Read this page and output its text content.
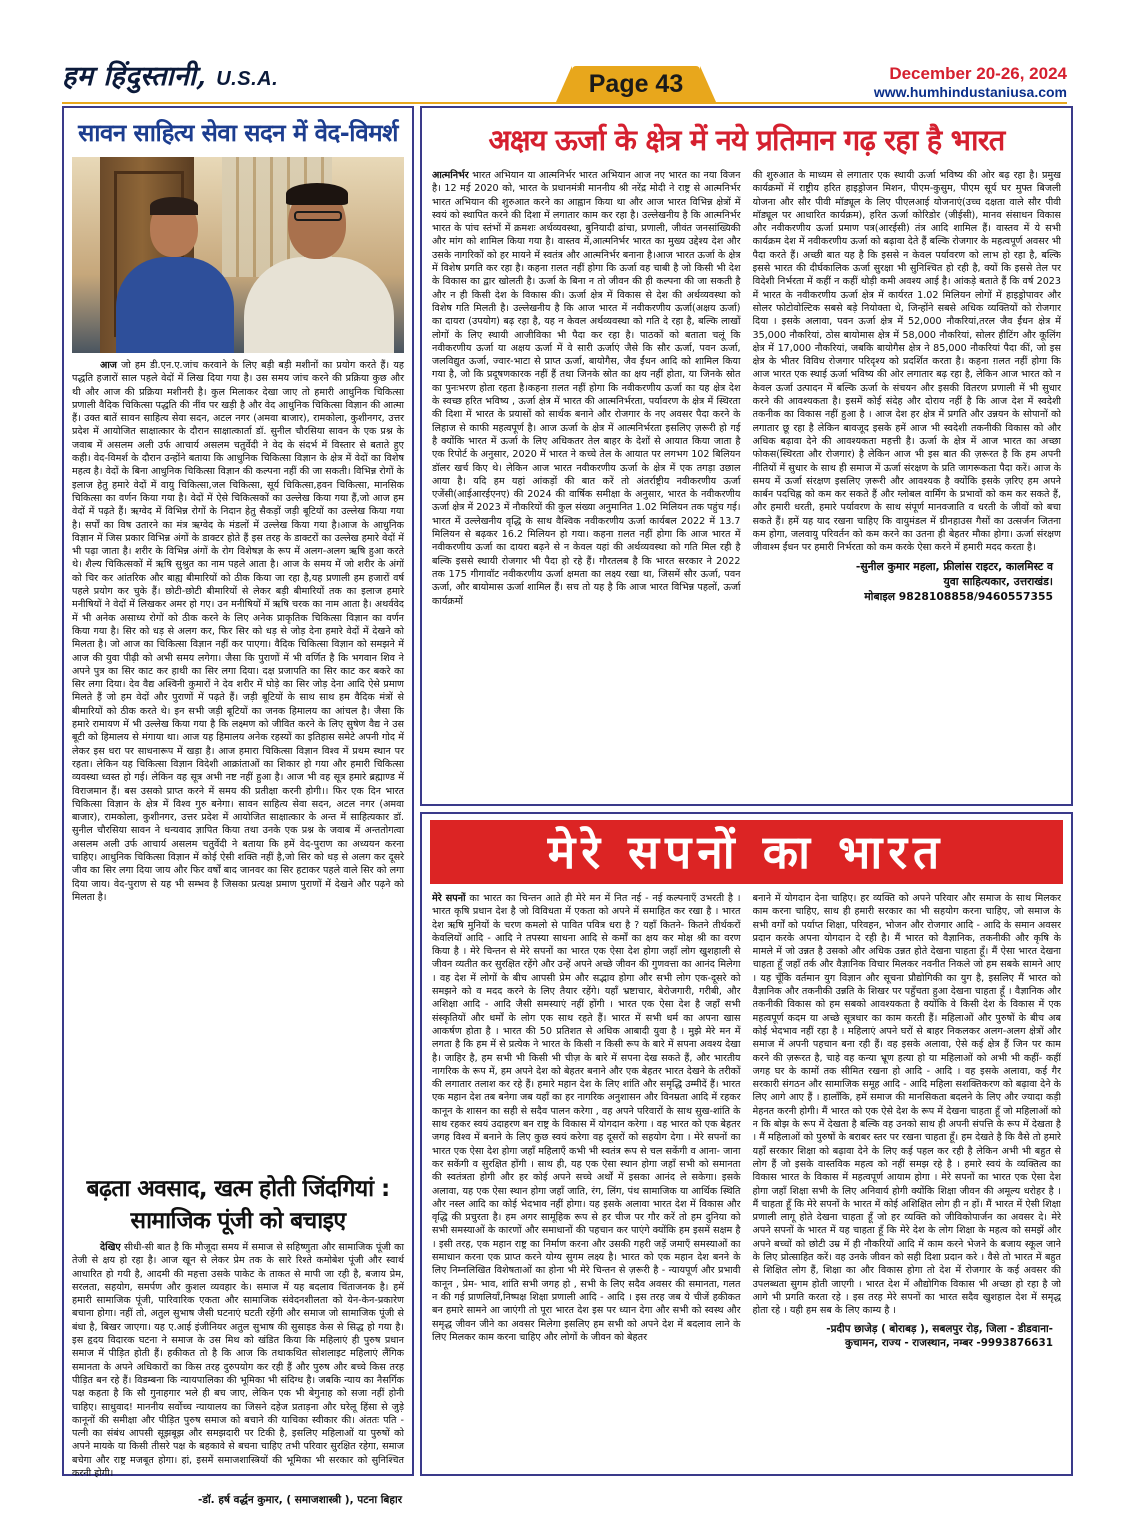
हम हिंदुस्तानी, U.S.A.	Page 43	December 20-26, 2024
www.humhindustaniusa.com
सावन साहित्य सेवा सदन में वेद-विमर्श

आज जो हम डी.एन.ए.जांच करवाने के लिए बड़ी बड़ी मशीनों का प्रयोग करते हैं। यह पद्धति हजारों साल पहले वेदों में लिख दिया गया है। उस समय जांच करने की प्रक्रिया कुछ और थी और आज की प्रक्रिया मशीनरी है। कुल मिलाकर देखा जाए तो हमारी आधुनिक चिकित्सा प्रणाली वैदिक चिकित्सा पद्धति की नींव पर खड़ी है और वेद आधुनिक चिकित्सा विज्ञान की आत्मा हैं। उक्त बातें सावन साहित्य सेवा सदन, अटल नगर (अमवा बाजार), रामकोला, कुशीनगर, उत्तर प्रदेश में आयोजित साक्षात्कार के दौरान साक्षात्कार्ता डॉ. सुनील चौरसिया सावन के एक प्रश्न के जवाब में असलम अली उर्फ आचार्य असलम चतुर्वेदी ने वेद के संदर्भ में विस्तार से बताते हुए कही। वेद-विमर्श के दौरान उन्होंने बताया कि आधुनिक चिकित्सा विज्ञान के क्षेत्र में वेदों का विशेष महत्व है। वेदों के बिना आधुनिक चिकित्सा विज्ञान की कल्पना नहीं की जा सकती। विभिन्न रोगों के इलाज हेतु हमारे वेदों में वायु चिकित्सा,जल चिकित्सा, सूर्य चिकित्सा,हवन चिकित्सा, मानसिक चिकित्सा का वर्णन किया गया है। वेदों में ऐसे चिकित्सकों का उल्लेख किया गया हैं,जो आज हम वेदों में पढ़ते हैं। ऋग्वेद में विभिन्न रोगों के निदान हेतु सैकड़ों जड़ी बूटियों का उल्लेख किया गया है। सर्पों का विष उतारने का मंत्र ऋग्वेद के मंडलों में उल्लेख किया गया है।आज के आधुनिक विज्ञान में जिस प्रकार विभिन्न अंगों के डाक्टर होते हैं इस तरह के डाक्टरों का उल्लेख हमारे वेदों में भी पढ़ा जाता है। शरीर के विभिन्न अंगों के रोग विशेषज्ञ के रूप में अलग-अलग ऋषि हुआ करते थे। शैल्य चिकित्सकों में ऋषि सुश्रुत का नाम पहले आता है। आज के समय में जो शरीर के अंगों को चिर कर आंतरिक और बाह्य बीमारियों को ठीक किया जा रहा है,यह प्रणाली हम हजारों वर्ष पहले प्रयोग कर चुके हैं। छोटी-छोटी बीमारियों से लेकर बड़ी बीमारियों तक का इलाज हमारे मनीषियों ने वेदों में लिखकर अमर हो गए। उन मनीषियों में ऋषि चरक का नाम आता है। अथर्ववेद में भी अनेक असाध्य रोगों को ठीक करने के लिए अनेक प्राकृतिक चिकित्सा विज्ञान का वर्णन किया गया है। सिर को धड़ से अलग कर, फिर सिर को धड़ से जोड़ देना हमारे वेदों में देखने को मिलता है। जो आज का चिकित्सा विज्ञान नहीं कर पाएगा। वैदिक चिकित्सा विज्ञान को समझने में आज की युवा पीढ़ी को अभी समय लगेगा। जैसा कि पुराणों में भी वर्णित है कि भगवान शिव ने अपने पुत्र का सिर काट कर हाथी का सिर लगा दिया। दक्ष प्रजापति का सिर काट कर बकरे का सिर लगा दिया। देव वैद्य अश्विनी कुमारों ने देव शरीर में घोड़े का सिर जोड़ देना आदि ऐसे प्रमाण मिलते हैं जो हम वेदों और पुराणों में पढ़ते हैं। जड़ी बूटियों के साथ साथ हम वैदिक मंत्रों से बीमारियों को ठीक करते थे। इन सभी जड़ी बूटियों का जनक हिमालय का आंचल है। जैसा कि हमारे रामायण में भी उल्लेख किया गया है कि लक्ष्मण को जीवित करने के लिए सुषेण वैद्य ने उस बूटी को हिमालय से मंगाया था। आज यह हिमालय अनेक रहस्यों का इतिहास समेटे अपनी गोद में लेकर इस धरा पर साधनारूप में खड़ा है। आज हमारा चिकित्सा विज्ञान विश्व में प्रथम स्थान पर रहता। लेकिन यह चिकित्सा विज्ञान विदेशी आक्रांताओं का शिकार हो गया और हमारी चिकित्सा व्यवस्था ध्वस्त हो गई। लेकिन वह सूत्र अभी नष्ट नहीं हुआ है। आज भी वह सूत्र हमारे ब्रह्माण्ड में विराजमान हैं। बस उसको प्राप्त करने में समय की प्रतीक्षा करनी होगी।। फिर एक दिन भारत चिकित्सा विज्ञान के क्षेत्र में विश्व गुरु बनेगा। सावन साहित्य सेवा सदन, अटल नगर (अमवा बाजार), रामकोला, कुशीनगर, उत्तर प्रदेश में आयोजित साक्षात्कार के अन्त में साहित्यकार डॉ. सुनील चौरसिया सावन ने धन्यवाद ज्ञापित किया तथा उनके एक प्रश्न के जवाब में अन्ततोगत्वा असलम अली उर्फ आचार्य असलम चतुर्वेदी ने बताया कि हमें वेद-पुराण का अध्ययन करना चाहिए। आधुनिक चिकित्सा विज्ञान में कोई ऐसी शक्ति नहीं है,जो सिर को धड़ से अलग कर दूसरे जीव का सिर लगा दिया जाय और फिर वर्षों बाद जानवर का सिर हटाकर पहले वाले सिर को लगा दिया जाय। वेद-पुराण से यह भी सम्भव है जिसका प्रत्यक्ष प्रमाण पुराणों में देखने और पढ़ने को मिलता है।

बढ़ता अवसाद, खत्म होती जिंदगियां : सामाजिक पूंजी को बचाइए

देखिए सीधी-सी बात है कि मौजूदा समय में समाज से सहिष्णुता और सामाजिक पूंजी का तेजी से क्षय हो रहा है। आज खून से लेकर प्रेम तक के सारे रिश्ते कमोबेश पूंजी और स्वार्थ आधारित हो गयी है, आदमी की महत्ता उसके पाकेट के ताकत से मापी जा रही है, बजाय प्रेम, सरलता, सहयोग, समर्पण और कुशल व्यवहार के। समाज में यह बदलाव चिंताजनक है। हमें हमारी सामाजिक पूंजी, पारिवारिक एकता और सामाजिक संवेदनशीलता को येन-केन-प्रकारेण बचाना होगा। नहीं तो, अतुल सुभाष जैसी घटनाएं घटती रहेंगी और समाज जो सामाजिक पूंजी से बंधा है, बिखर जाएगा। यह ए.आई इंजीनियर अतुल सुभाष की सुसाइड केस से सिद्ध हो गया है। इस हृदय विदारक घटना ने समाज के उस मिथ को खंडित किया कि महिलाएं ही पुरुष प्रधान समाज में पीड़ित होती हैं। हकीकत तो है कि आज कि तथाकथित सोशलाइट महिलाएं लैंगिक समानता के अपने अधिकारों का किस तरह दुरुपयोग कर रही हैं और पुरुष और बच्चे किस तरह पीड़ित बन रहे हैं। विडम्बना कि न्यायपालिका की भूमिका भी संदिग्ध है। जबकि न्याय का नैसर्गिक पक्ष कहता है कि सौ गुनाहगार भले ही बच जाए, लेकिन एक भी बेगुनाह को सजा नहीं होनी चाहिए। साधुवाद! माननीय सर्वोच्च न्यायालय का जिसने दहेज प्रताड़ना और घरेलू हिंसा से जुड़े कानूनों की समीक्षा और पीड़ित पुरुष समाज को बचाने की याचिका स्वीकार की। अंततः पति - पत्नी का संबंध आपसी सूझबूझ और समझदारी पर टिकी है, इसलिए महिलाओं या पुरुषों को अपने मायके या किसी तीसरे पक्ष के बहकावे से बचना चाहिए तभी परिवार सुरक्षित रहेगा, समाज बचेगा और राष्ट्र मजबूत होगा। हां, इसमें समाजशास्त्रियों की भूमिका भी सरकार को सुनिश्चित करनी होगी।

-डॉ. हर्ष वर्द्धन कुमार, ( समाजशास्त्री ), पटना बिहार
अक्षय ऊर्जा के क्षेत्र में नये प्रतिमान गढ़ रहा है भारत
आत्मनिर्भर भारत अभियान या आत्मनिर्भर भारत अभियान आज नए भारत का नया विजन है। 12 मई 2020 को, भारत के प्रधानमंत्री माननीय श्री नरेंद्र मोदी ने राष्ट्र से आत्मनिर्भर भारत अभियान की शुरुआत करने का आह्वान किया था और आज भारत विभिन्न क्षेत्रों में स्वयं को स्थापित करने की दिशा में लगातार काम कर रहा है। उल्लेखनीय है कि आत्मनिर्भर भारत के पांच स्तंभों में क्रमशः अर्थव्यवस्था, बुनियादी ढांचा, प्रणाली, जीवंत जनसांख्यिकी और मांग को शामिल किया गया है। वास्तव में,आत्मनिर्भर भारत का मुख्य उद्देश्य देश और उसके नागरिकों को हर मायने में स्वतंत्र और आत्मनिर्भर बनाना है।आज भारत ऊर्जा के क्षेत्र में विशेष प्रगति कर रहा है। कहना ग़लत नहीं होगा कि ऊर्जा वह चाबी है जो किसी भी देश के विकास का द्वार खोलती है। ऊर्जा के बिना न तो जीवन की ही कल्पना की जा सकती है और न ही किसी देश के विकास की। ऊर्जा क्षेत्र में विकास से देश की अर्थव्यवस्था को विशेष गति मिलती है। उल्लेखनीय है कि आज भारत में नवीकरणीय ऊर्जा(अक्षय ऊर्जा) का दायरा (उपयोग) बढ़ रहा है, यह न केवल अर्थव्यवस्था को गति दे रहा है, बल्कि लाखों लोगों के लिए स्थायी आजीविका भी पैदा कर रहा है। पाठकों को बताता चलूं कि नवीकरणीय ऊर्जा या अक्षय ऊर्जा में वे सारी ऊर्जाएं जैसे कि सौर ऊर्जा, पवन ऊर्जा, जलविद्युत ऊर्जा, ज्वार-भाटा से प्राप्त ऊर्जा, बायोगैस, जैव ईंधन आदि को शामिल किया गया है, जो कि प्रदूषणकारक नहीं हैं तथा जिनके स्रोत का क्षय नहीं होता, या जिनके स्रोत का पुनःभरण होता रहता है।कहना ग़लत नहीं होगा कि नवीकरणीय ऊर्जा का यह क्षेत्र देश के स्वच्छ हरित भविष्य , ऊर्जा क्षेत्र में भारत की आत्मनिर्भरता, पर्यावरण के क्षेत्र में स्थिरता की दिशा में भारत के प्रयासों को सार्थक बनाने और रोजगार के नए अवसर पैदा करने के लिहाज से काफी महत्वपूर्ण है। आज ऊर्जा के क्षेत्र में आत्मनिर्भरता इसलिए ज़रूरी हो गई है क्योंकि भारत में ऊर्जा के लिए अधिकतर तेल बाहर के देशों से आयात किया जाता है एक रिपोर्ट के अनुसार, 2020 में भारत ने कच्चे तेल के आयात पर लगभग 102 बिलियन डॉलर खर्च किए थे। लेकिन आज भारत नवीकरणीय ऊर्जा के क्षेत्र में एक तगड़ा उछाल आया है। यदि हम यहां आंकड़ों की बात करें तो अंतर्राष्ट्रीय नवीकरणीय ऊर्जा एजेंसी(आईआरईएनए) की 2024 की वार्षिक समीक्षा के अनुसार, भारत के नवीकरणीय ऊर्जा क्षेत्र में 2023 में नौकरियों की कुल संख्या अनुमानित 1.02 मिलियन तक पहुंच गई। भारत में उल्लेखनीय वृद्धि के साथ वैश्विक नवीकरणीय ऊर्जा कार्यबल 2022 में 13.7 मिलियन से बढ़कर 16.2 मिलियन हो गया। कहना ग़लत नहीं होगा कि आज भारत में नवीकरणीय ऊर्जा का दायरा बढ़ने से न केवल यहां की अर्थव्यवस्था को गति मिल रही है बल्कि इससे स्थायी रोजगार भी पैदा हो रहे हैं। गौरतलब है कि भारत सरकार ने 2022 तक 175 गीगावॉट नवीकरणीय ऊर्जा क्षमता का लक्ष्य रखा था, जिसमें सौर ऊर्जा, पवन ऊर्जा, और बायोमास ऊर्जा शामिल हैं। सच तो यह है कि आज भारत विभिन्न पहलों, ऊर्जा कार्यक्रमों
की शुरुआत के माध्यम से लगातार एक स्थायी ऊर्जा भविष्य की ओर बढ़ रहा है। प्रमुख कार्यक्रमों में राष्ट्रीय हरित हाइड्रोजन मिशन, पीएम-कुसुम, पीएम सूर्य घर मुफ्त बिजली योजना और सौर पीवी मॉड्यूल के लिए पीएलआई योजनाएं(उच्च दक्षता वाले सौर पीवी मॉड्यूल पर आधारित कार्यक्रम), हरित ऊर्जा कोरिडोर (जीईसी), मानव संसाधन विकास और नवीकरणीय ऊर्जा प्रमाण पत्र(आरईसी) तंत्र आदि शामिल हैं। वास्तव में ये सभी कार्यक्रम देश में नवीकरणीय ऊर्जा को बढ़ावा देते हैं बल्कि रोजगार के महत्वपूर्ण अवसर भी पैदा करते हैं। अच्छी बात यह है कि इससे न केवल पर्यावरण को लाभ हो रहा है, बल्कि इससे भारत की दीर्घकालिक ऊर्जा सुरक्षा भी सुनिश्चित हो रही है, क्यों कि इससे तेल पर विदेशी निर्भरता में कहीं न कहीं थोड़ी कमी अवश्य आई है। आंकड़े बताते हैं कि वर्ष 2023 में भारत के नवीकरणीय ऊर्जा क्षेत्र में कार्यरत 1.02 मिलियन लोगों में हाइड्रोपावर और सोलर फोटोवोल्टिक सबसे बड़े नियोक्ता थे, जिन्होंने सबसे अधिक व्यक्तियों को रोजगार दिया । इसके अलावा, पवन ऊर्जा क्षेत्र में 52,000 नौकरियां,तरल जैव ईंधन क्षेत्र में 35,000 नौकरियां, ठोस बायोमास क्षेत्र में 58,000 नौकरियां, सोलर हीटिंग और कूलिंग क्षेत्र में 17,000 नौकरियां, जबकि बायोगैस क्षेत्र ने 85,000 नौकरियां पैदा कीं, जो इस क्षेत्र के भीतर विविध रोजगार परिदृश्य को प्रदर्शित करता है। कहना ग़लत नहीं होगा कि आज भारत एक स्थाई ऊर्जा भविष्य की ओर लगातार बढ़ रहा है, लेकिन आज भारत को न केवल ऊर्जा उत्पादन में बल्कि ऊर्जा के संचयन और इसकी वितरण प्रणाली में भी सुधार करने की आवश्यकता है। इसमें कोई संदेह और दोराय नहीं है कि आज देश में स्वदेशी तकनीक का विकास नहीं हुआ है । आज देश हर क्षेत्र में प्रगति और उन्नयन के सोपानों को लगातार छू रहा है लेकिन बावजूद इसके हमें आज भी स्वदेशी तकनीकी विकास को और अधिक बढ़ावा देने की आवश्यकता महत्ती है। ऊर्जा के क्षेत्र में आज भारत का अच्छा फोकस(स्थिरता और रोजगार) है लेकिन आज भी इस बात की ज़रूरत है कि हम अपनी नीतियों में सुधार के साथ ही समाज में ऊर्जा संरक्षण के प्रति जागरूकता पैदा करें। आज के समय में ऊर्जा संरक्षण इसलिए ज़रूरी और आवश्यक है क्योंकि इसके ज़रिए हम अपने कार्बन पदचिह्न को कम कर सकते हैं और ग्लोबल वार्मिंग के प्रभावों को कम कर सकते हैं, और हमारी धरती, हमारे पर्यावरण के साथ संपूर्ण मानवजाति व धरती के जीवों को बचा सकते हैं। हमें यह याद रखना चाहिए कि वायुमंडल में ग्रीनहाउस गैसों का उत्सर्जन जितना कम होगा, जलवायु परिवर्तन को कम करने का उतना ही बेहतर मौका होगा। ऊर्जा संरक्षण जीवाश्म ईंधन पर हमारी निर्भरता को कम करके ऐसा करने में हमारी मदद करता है।
-सुनील कुमार महला, फ्रीलांस राइटर, कालमिस्ट व
युवा साहित्यकार, उत्तराखंड।
मोबाइल 9828108858/9460557355
मेरे सपनों का भारत
मेरे सपनों का भारत का चिन्तन आते ही मेरे मन में नित नई - नई कल्पनाएँ उभरती है । भारत कृषि प्रधान देश है जो विविधता में एकता को अपने में समाहित कर रखा है । भारत देश ऋषि मुनियों के चरण कमलो से पावित पवित्र धरा है ? यहाँ कितने- कितने तीर्थकरों केवलियों आदि - आदि ने तपस्या साधना आदि से कर्मों का क्षय कर मोक्ष श्री का वरण किया है । मेरे चिन्तन से मेरे सपनों का भारत एक ऐसा देश होगा जहाँ लोग खुशहाली से जीवन व्यतीत कर सुरक्षित रहेंगे और उन्हें अपने अच्छे जीवन की गुणवत्ता का आनंद मिलेगा । वह देश में लोगों के बीच आपसी प्रेम और सद्भाव होगा और सभी लोग एक-दूसरे को समझने को व मदद करने के लिए तैयार रहेंगे। यहाँ भ्रष्टाचार, बेरोजगारी, गरीबी, और अशिक्षा आदि - आदि जैसी समस्याएं नहीं होंगी । भारत एक ऐसा देश है जहाँ सभी संस्कृतियों और धर्मों के लोग एक साथ रहते हैं। भारत में सभी धर्म का अपना खास आकर्षण होता है । भारत की 50 प्रतिशत से अधिक आबादी युवा है । मुझे मेरे मन में लगता है कि हम में से प्रत्येक ने भारत के किसी न किसी रूप के बारे में सपना अवश्य देखा है। जाहिर है, हम सभी भी किसी भी चीज़ के बारे में सपना देख सकते हैं, और भारतीय नागरिक के रूप में, हम अपने देश को बेहतर बनाने और एक बेहतर भारत देखने के तरीकों की लगातार तलाश कर रहे हैं। हमारे महान देश के लिए शांति और समृद्धि उम्मीदें हैं। भारत एक महान देश तब बनेगा जब यहाँ का हर नागरिक अनुशासन और विनम्रता आदि में रहकर कानून के शासन का सही से सदैव पालन करेगा , वह अपने परिवारों के साथ सुख-शांति के साथ रहकर स्वयं उदाहरण बन राष्ट्र के विकास में योगदान करेगा । वह भारत को एक बेहतर जगह विश्व में बनाने के लिए कुछ स्वयं करेगा वह दूसरों को सहयोग देगा । मेरे सपनों का भारत एक ऐसा देश होगा जहाँ महिलाएँ कभी भी स्वतंत्र रूप से चल सकेंगी व आना- जाना कर सकेंगी व सुरक्षित होंगी । साथ ही, यह एक ऐसा स्थान होगा जहाँ सभी को समानता की स्वतंत्रता होगी और हर कोई अपने सच्चे अर्थों में इसका आनंद ले सकेगा। इसके अलावा, यह एक ऐसा स्थान होगा जहाँ जाति, रंग, लिंग, पंथ सामाजिक या आर्थिक स्थिति और नस्ल आदि का कोई भेदभाव नहीं होगा। यह इसके अलावा भारत देश में विकास और वृद्धि की प्रचुरता है। हम अगर सामूहिक रूप से हर चीज पर गौर करें तो हम दुनिया को सभी समस्याओं के कारणों और समाधानों की पहचान कर पाएंगे क्योंकि हम इसमें सक्षम है । इसी तरह, एक महान राष्ट्र का निर्माण करना और उसकी गहरी जड़ें जमाएँ समस्याओं का समाधान करना एक प्राप्त करने योग्य सुगम लक्ष्य है। भारत को एक महान देश बनने के लिए निम्नलिखित विशेषताओं का होना भी मेरे चिन्तन से ज़रूरी है - न्यायपूर्ण और प्रभावी कानून , प्रेम- भाव, शांति सभी जगह हो , सभी के लिए सदैव अवसर की समानता, गलत न की गई प्राणलियाँ,निष्पक्ष शिक्षा प्रणाली आदि - आदि । इस तरह जब ये चीजें हकीकत बन हमारे सामने आ जाएंगी तो पूरा भारत देश इस पर ध्यान देगा और सभी को स्वस्थ और समृद्ध जीवन जीने का अवसर मिलेगा इसलिए हम सभी को अपने देश में बदलाव लाने के लिए मिलकर काम करना चाहिए और लोगों के जीवन को बेहतर
बनाने में योगदान देना चाहिए। हर व्यक्ति को अपने परिवार और समाज के साथ मिलकर काम करना चाहिए, साथ ही हमारी सरकार का भी सहयोग करना चाहिए, जो समाज के सभी वर्गों को पर्याप्त शिक्षा, परिवहन, भोजन और रोजगार आदि - आदि के समान अवसर प्रदान करके अपना योगदान दे रही है। मैं भारत को वैज्ञानिक, तकनीकी और कृषि के मामले में जो उन्नत है उसको और अधिक उन्नत होते देखना चाहता हूँ। मैं ऐसा भारत देखना चाहता हूँ जहाँ तर्क और वैज्ञानिक विचार मिलकर नवनीत निकले जो हम सबके सामने आए । यह चूँकि वर्तमान युग विज्ञान और सूचना प्रौद्योगिकी का युग है, इसलिए मैं भारत को वैज्ञानिक और तकनीकी उन्नति के शिखर पर पहुँचता हुआ देखना चाहता हूँ । वैज्ञानिक और तकनीकी विकास को हम सबको आवश्यकता है क्योंकि वे किसी देश के विकास में एक महत्वपूर्ण कदम या अच्छे सूत्रधार का काम करती हैं। महिलाओं और पुरुषों के बीच अब कोई भेदभाव नहीं रहा है । महिलाएं अपने घरों से बाहर निकलकर अलग-अलग क्षेत्रों और समाज में अपनी पहचान बना रही हैं। वह इसके अलावा, ऐसे कई क्षेत्र हैं जिन पर काम करने की ज़रूरत है, चाहे वह कन्या भ्रूण हत्या हो या महिलाओं को अभी भी कहीं- कहीं जगह घर के कामों तक सीमित रखना हो आदि - आदि । वह इसके अलावा, कई गैर सरकारी संगठन और सामाजिक समूह आदि - आदि महिला सशक्तिकरण को बढ़ावा देने के लिए आगे आए हैं । हालाँकि, हमें समाज की मानसिकता बदलने के लिए और ज्यादा कड़ी मेहनत करनी होगी। मैं भारत को एक ऐसे देश के रूप में देखना चाहता हूँ जो महिलाओं को न कि बोझ के रूप में देखता है बल्कि वह उनको साथ ही अपनी संपत्ति के रूप में देखता है । मैं महिलाओं को पुरुषों के बराबर स्तर पर रखना चाहता हूँ। हम देखते है कि वैसे तो हमारे यहाँ सरकार शिक्षा को बढ़ावा देने के लिए कई पहल कर रही है लेकिन अभी भी बहुत से लोग हैं जो इसके वास्तविक महत्व को नहीं समझ रहे है । हमारे स्वयं के व्यक्तित्व का विकास भारत के विकास में महत्वपूर्ण आयाम होगा । मेरे सपनों का भारत एक ऐसा देश होगा जहाँ शिक्षा सभी के लिए अनिवार्य होगी क्योंकि शिक्षा जीवन की अमूल्य धरोहर है । मैं चाहता हूँ कि मेरे सपनों के भारत में कोई अशिक्षित लोग ही न हों। मैं भारत में ऐसी शिक्षा प्रणाली लागू होते देखना चाहता हूँ जो हर व्यक्ति को जीविकोपार्जन का अवसर दे। मेरे अपने सपनों के भारत में यह चाहता हूँ कि मेरे देश के लोग शिक्षा के महत्व को समझें और अपने बच्चों को छोटी उम्र में ही नौकरियों आदि में काम करने भेजने के बजाय स्कूल जाने के लिए प्रोत्साहित करें। वह उनके जीवन को सही दिशा प्रदान करे । वैसे तो भारत में बहुत से शिक्षित लोग हैं, शिक्षा का और विकास होगा तो देश में रोजगार के कई अवसर की उपलब्धता सुगम होती जाएगी । भारत देश में औद्योगिक विकास भी अच्छा हो रहा है जो आगे भी प्रगति करता रहे । इस तरह मेरे सपनों का भारत सदैव खुशहाल देश में समृद्ध होता रहे । यही हम सब के लिए काम्य है ।
-प्रदीप छाजेड़ ( बोराबड़ ), सबलपुर रोड़, जिला - डीडवाना-
कुचामन, राज्य - राजस्थान, नम्बर -9993876631
